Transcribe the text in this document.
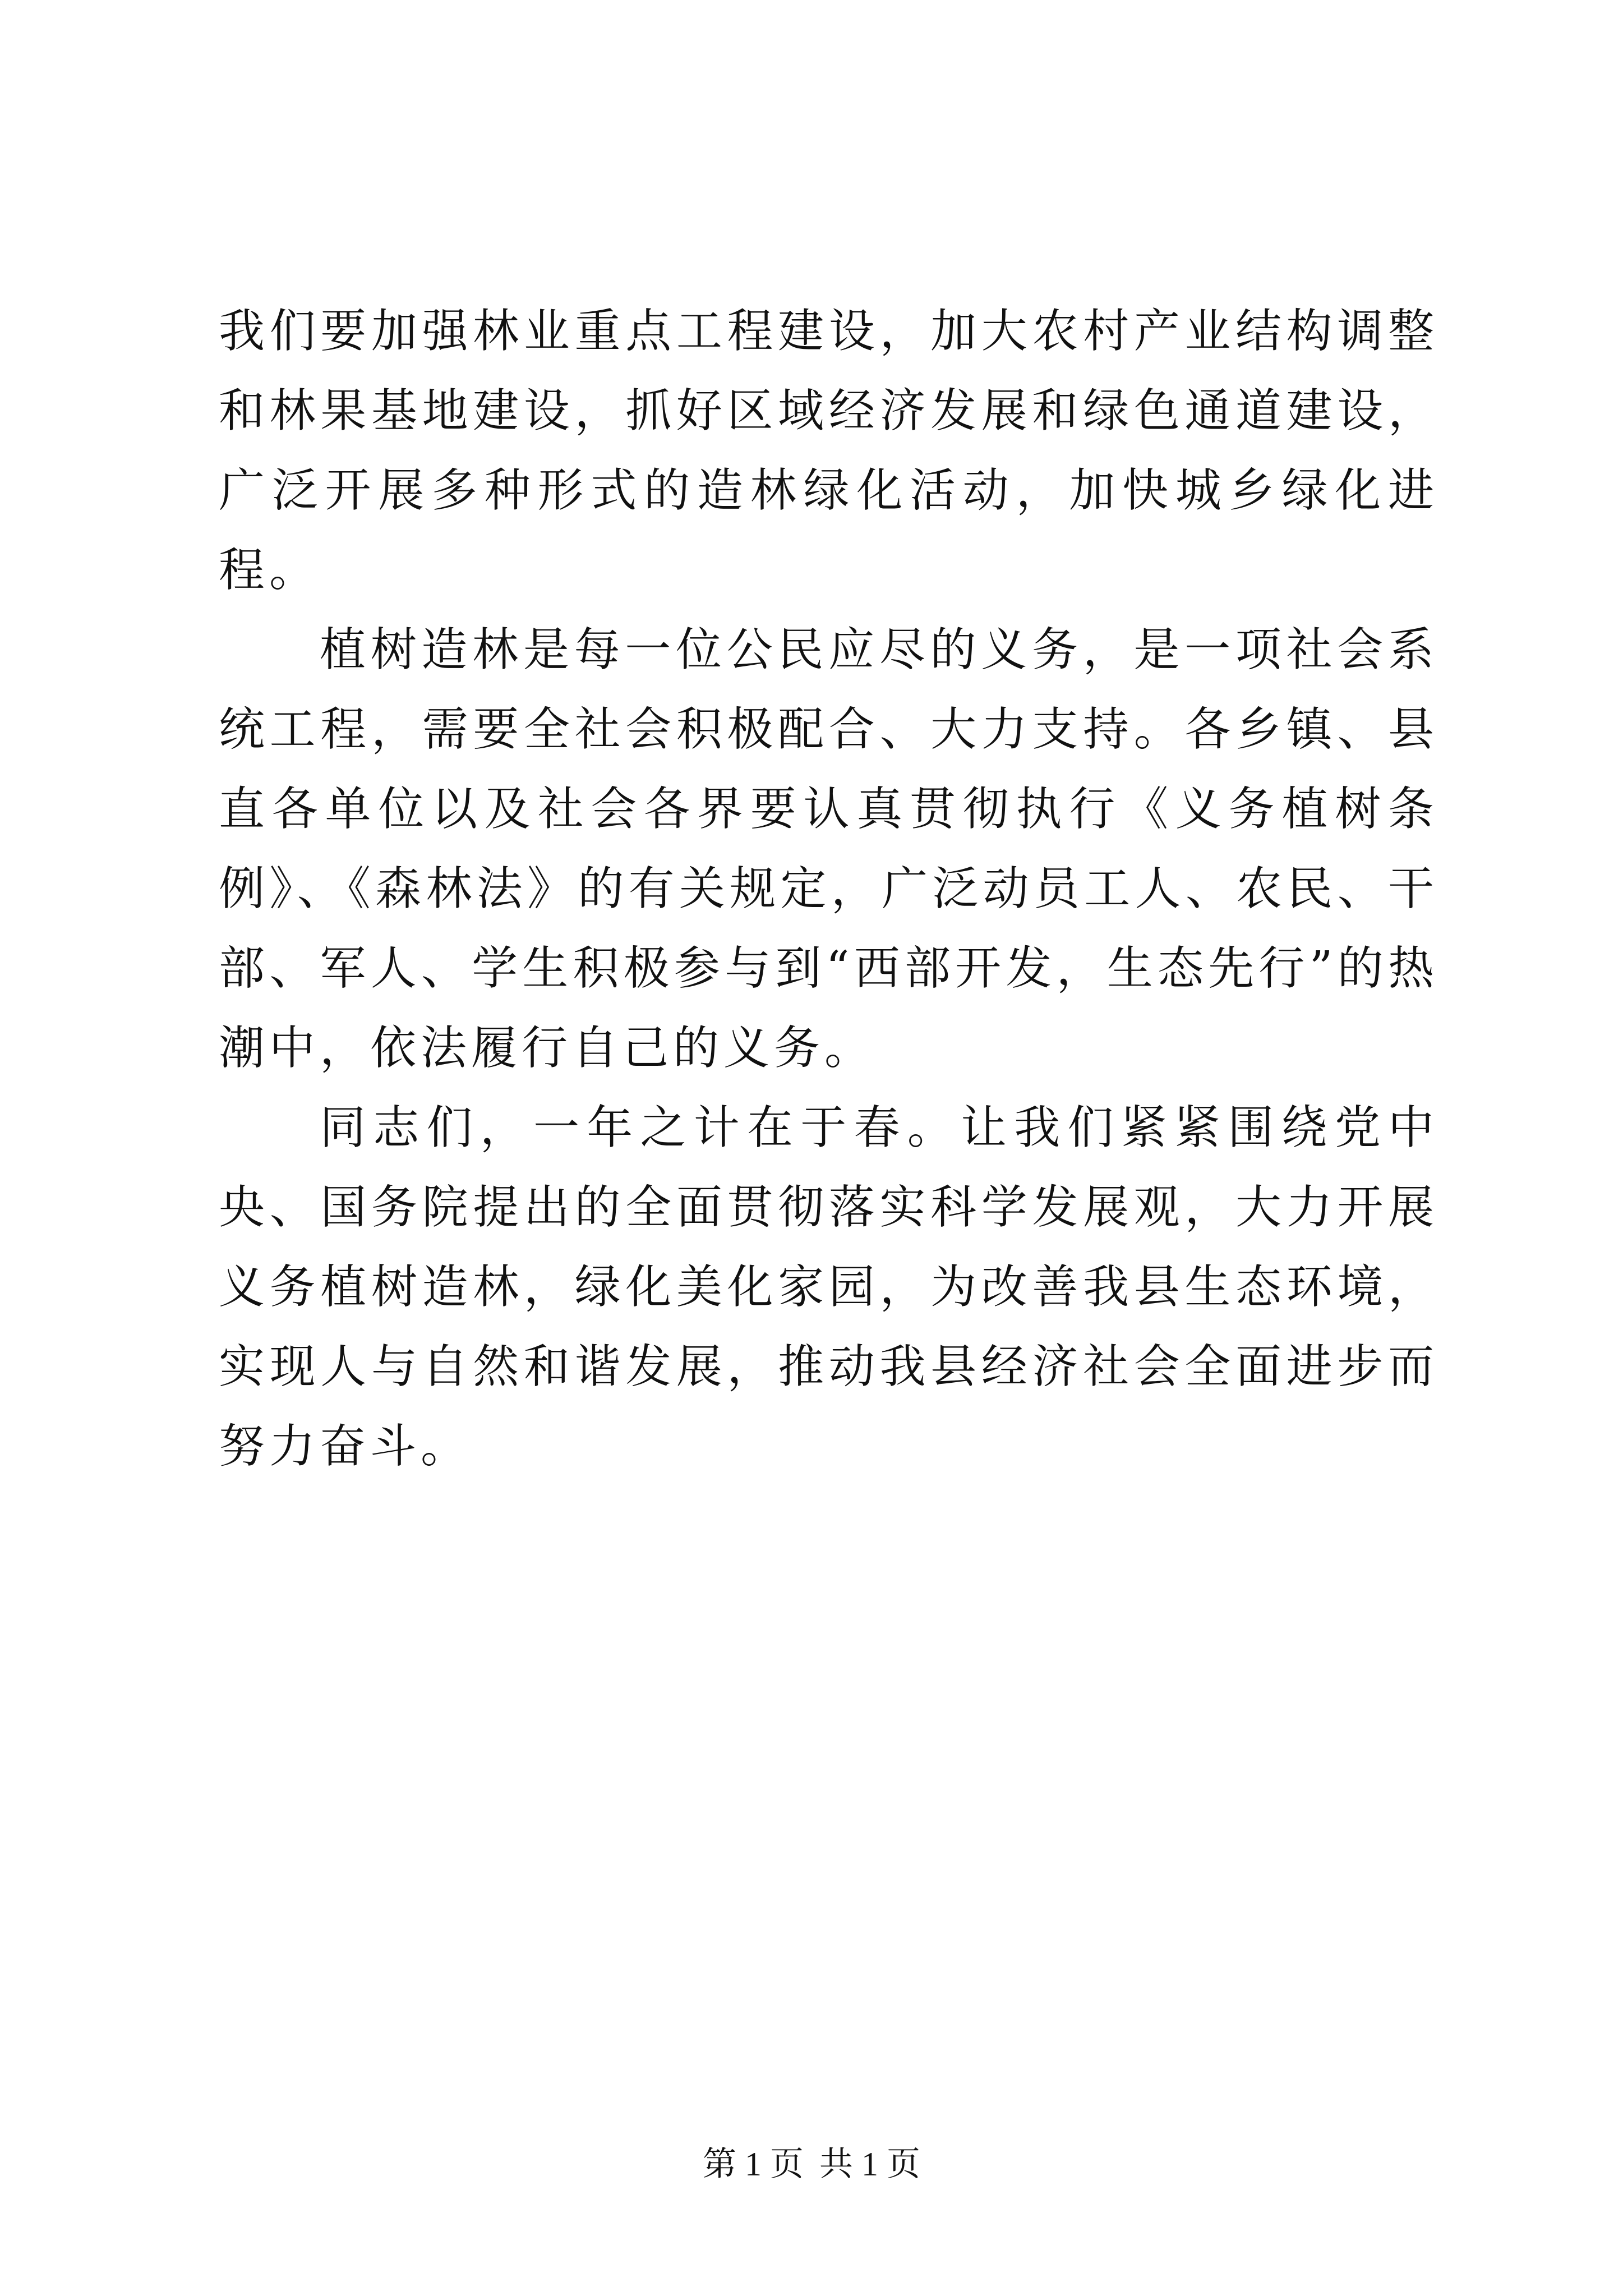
我们要加强林业重点工程建设，加大农村产业结构调整和林果基地建设，抓好区域经济发展和绿色通道建设，广泛开展多种形式的造林绿化活动，加快城乡绿化进程。

植树造林是每一位公民应尽的义务，是一项社会系统工程，需要全社会积极配合、大力支持。各乡镇、县直各单位以及社会各界要认真贯彻执行《义务植树条例》、《森林法》的有关规定，广泛动员工人、农民、干部、军人、学生积极参与到“西部开发，生态先行”的热潮中，依法履行自己的义务。

同志们，一年之计在于春。让我们紧紧围绕党中央、国务院提出的全面贯彻落实科学发展观，大力开展义务植树造林，绿化美化家园，为改善我县生态环境，实现人与自然和谐发展，推动我县经济社会全面进步而努力奋斗。

第 1 页 共 1 页
